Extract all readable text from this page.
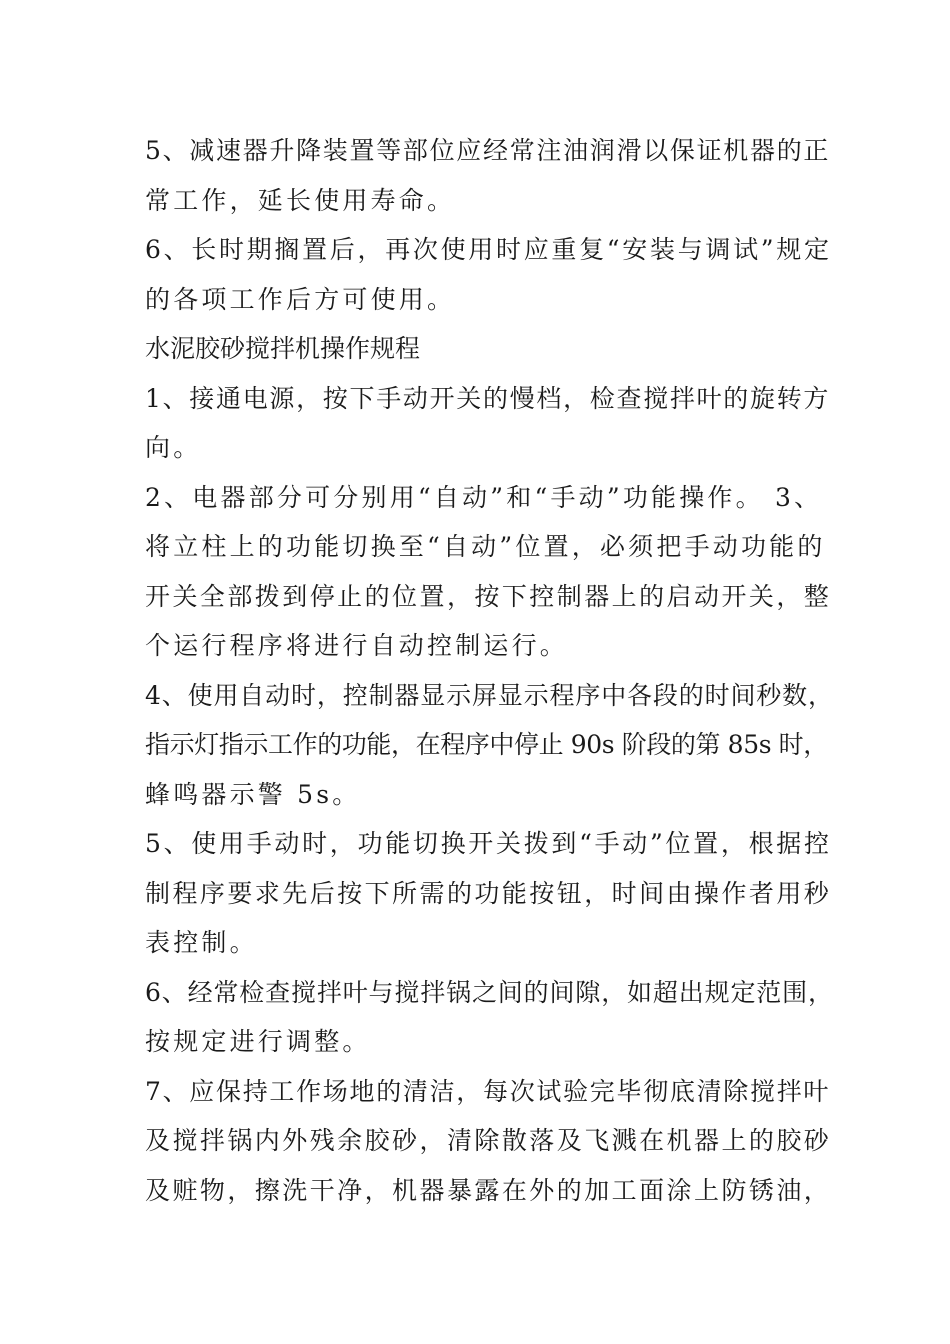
5、减速器升降装置等部位应经常注油润滑以保证机器的正
常工作，延长使用寿命。
6、长时期搁置后，再次使用时应重复“安装与调试”规定
的各项工作后方可使用。
水泥胶砂搅拌机操作规程
1、接通电源，按下手动开关的慢档，检查搅拌叶的旋转方
向。
2、电器部分可分别用“自动”和“手动”功能操作。 3、
将立柱上的功能切换至“自动”位置，必须把手动功能的
开关全部拨到停止的位置，按下控制器上的启动开关，整
个运行程序将进行自动控制运行。
4、使用自动时，控制器显示屏显示程序中各段的时间秒数，
指示灯指示工作的功能，在程序中停止 90s 阶段的第 85s 时，
蜂鸣器示警 5s。
5、使用手动时，功能切换开关拨到“手动”位置，根据控
制程序要求先后按下所需的功能按钮，时间由操作者用秒
表控制。
6、经常检查搅拌叶与搅拌锅之间的间隙，如超出规定范围，
按规定进行调整。
7、应保持工作场地的清洁，每次试验完毕彻底清除搅拌叶
及搅拌锅内外残余胶砂，清除散落及飞溅在机器上的胶砂
及赃物，擦洗干净，机器暴露在外的加工面涂上防锈油，
